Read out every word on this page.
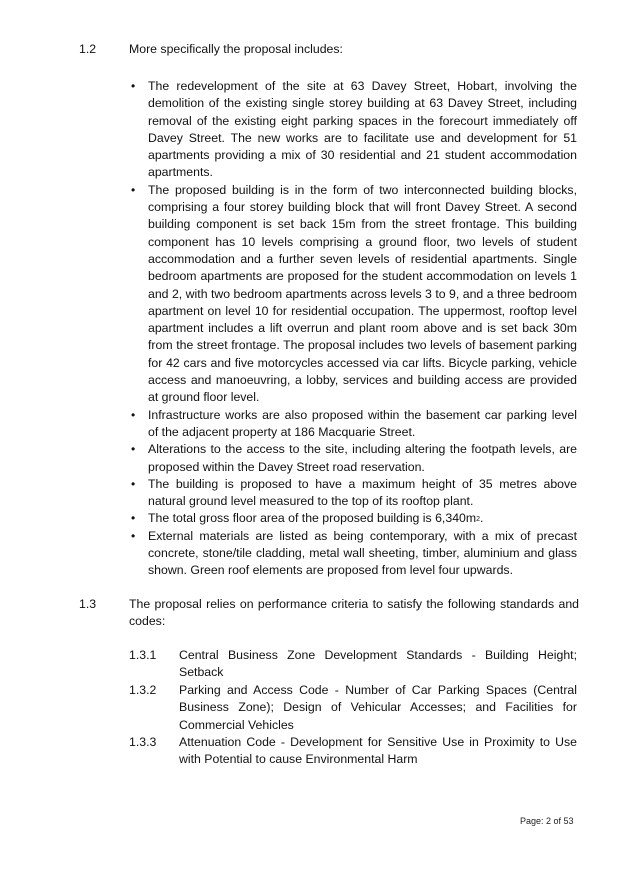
1.2	More specifically the proposal includes:
• The redevelopment of the site at 63 Davey Street, Hobart, involving the demolition of the existing single storey building at 63 Davey Street, including removal of the existing eight parking spaces in the forecourt immediately off Davey Street. The new works are to facilitate use and development for 51 apartments providing a mix of 30 residential and 21 student accommodation apartments.
• The proposed building is in the form of two interconnected building blocks, comprising a four storey building block that will front Davey Street. A second building component is set back 15m from the street frontage. This building component has 10 levels comprising a ground floor, two levels of student accommodation and a further seven levels of residential apartments. Single bedroom apartments are proposed for the student accommodation on levels 1 and 2, with two bedroom apartments across levels 3 to 9, and a three bedroom apartment on level 10 for residential occupation. The uppermost, rooftop level apartment includes a lift overrun and plant room above and is set back 30m from the street frontage. The proposal includes two levels of basement parking for 42 cars and five motorcycles accessed via car lifts. Bicycle parking, vehicle access and manoeuvring, a lobby, services and building access are provided at ground floor level.
• Infrastructure works are also proposed within the basement car parking level of the adjacent property at 186 Macquarie Street.
• Alterations to the access to the site, including altering the footpath levels, are proposed within the Davey Street road reservation.
• The building is proposed to have a maximum height of 35 metres above natural ground level measured to the top of its rooftop plant.
• The total gross floor area of the proposed building is $6,340m^2$.
• External materials are listed as being contemporary, with a mix of precast concrete, stone/tile cladding, metal wall sheeting, timber, aluminium and glass shown. Green roof elements are proposed from level four upwards.
1.3	The proposal relies on performance criteria to satisfy the following standards and codes:
1.3.1 Central Business Zone Development Standards - Building Height; Setback
1.3.2 Parking and Access Code - Number of Car Parking Spaces (Central Business Zone); Design of Vehicular Accesses; and Facilities for Commercial Vehicles
1.3.3 Attenuation Code - Development for Sensitive Use in Proximity to Use with Potential to cause Environmental Harm
Page: 2 of 53
